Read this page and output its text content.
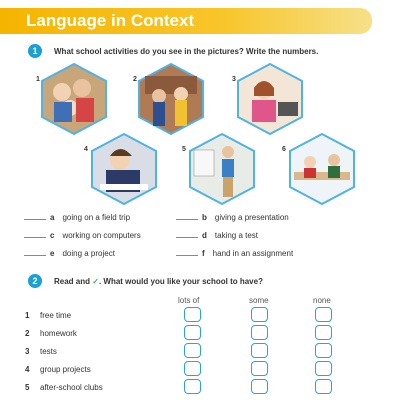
Language in Context
1	What school activities do you see in the pictures? Write the numbers.
1	2	3
4	5	6
a going on a field trip	b giving a presentation
c working on computers	d taking a test
e doing a project	f hand in an assignment
2	Read and ✓. What would you like your school to have?
lots of	some	none
1 free time
2 homework
3 tests
4 group projects
5 after-school clubs
